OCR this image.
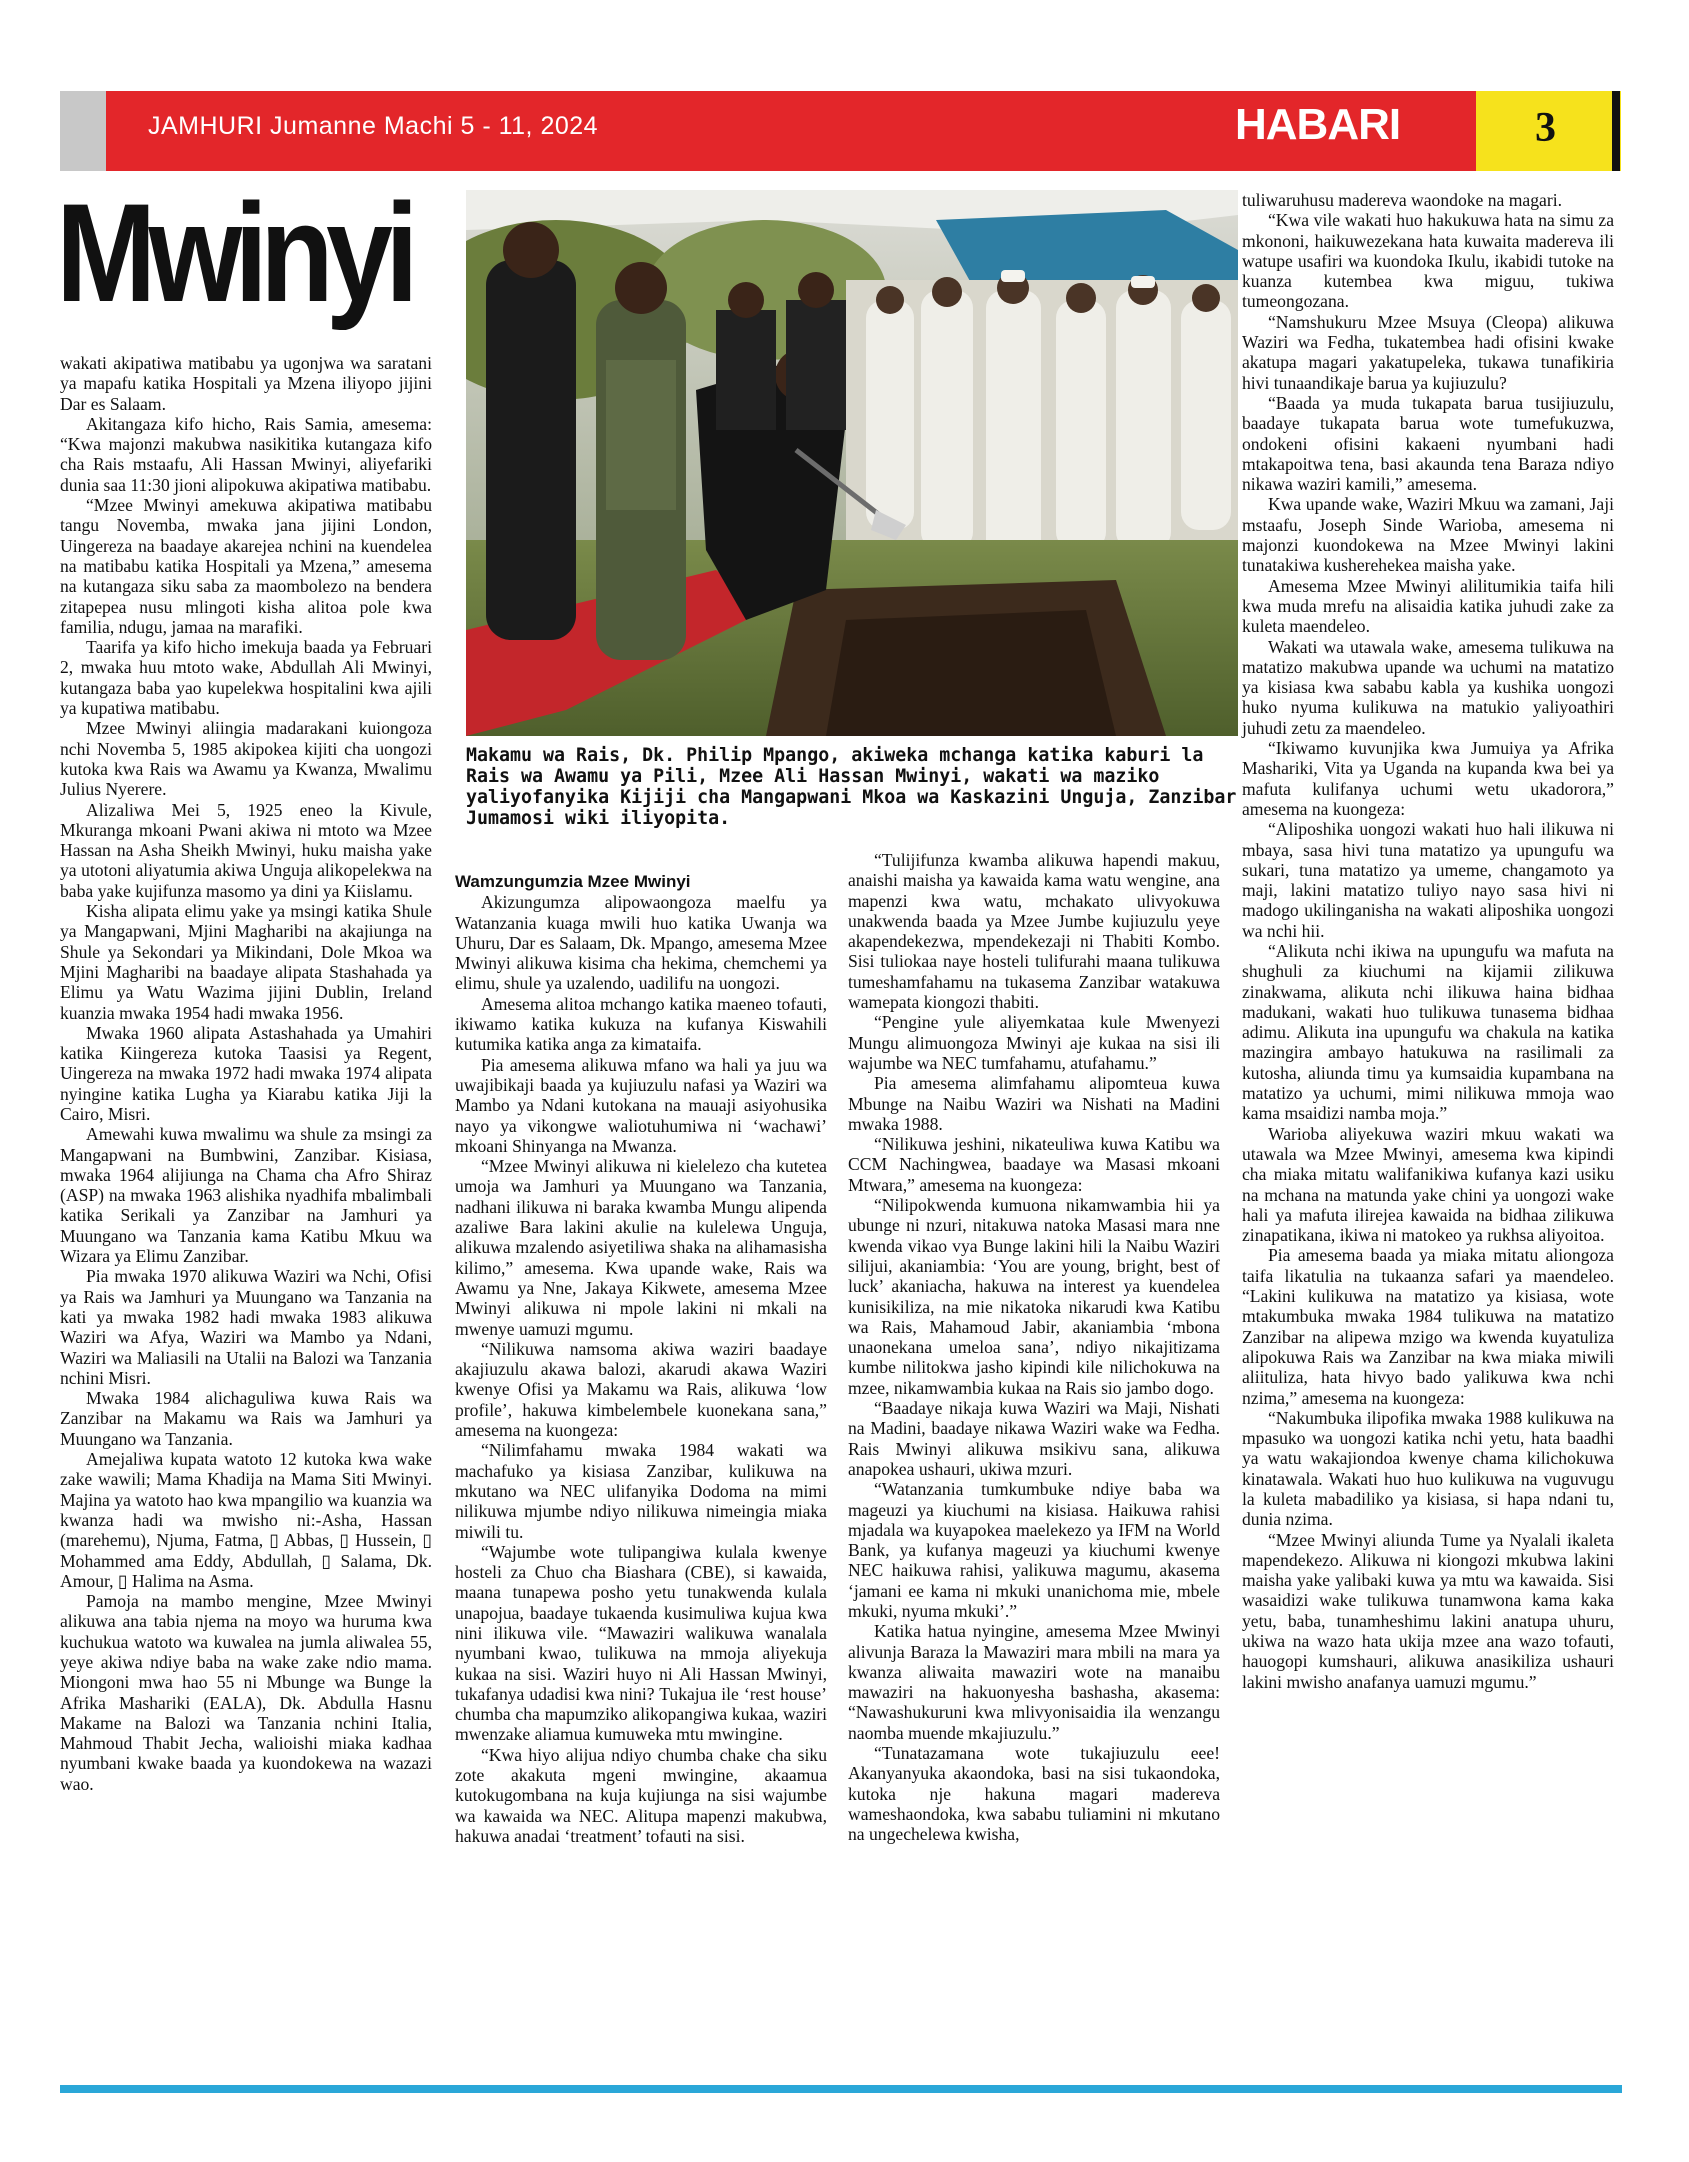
JAMHURI Jumanne Machi 5 - 11, 2024	HABARI	3
Mwinyi
Makamu wa Rais, Dk. Philip Mpango, akiweka mchanga katika kaburi la Rais wa Awamu ya Pili, Mzee Ali Hassan Mwinyi, wakati wa maziko yaliyofanyika Kijiji cha Mangapwani Mkoa wa Kaskazini Unguja, Zanzibar Jumamosi wiki iliyopita.

wakati akipatiwa matibabu ya ugonjwa wa saratani ya mapafu katika Hospitali ya Mzena iliyopo jijini Dar es Salaam.

Akitangaza kifo hicho, Rais Samia, amesema: “Kwa majonzi makubwa nasikitika kutangaza kifo cha Rais mstaafu, Ali Hassan Mwinyi, aliyefariki dunia saa 11:30 jioni alipokuwa akipatiwa matibabu.

“Mzee Mwinyi amekuwa akipatiwa matibabu tangu Novemba, mwaka jana jijini London, Uingereza na baadaye akarejea nchini na kuendelea na matibabu katika Hospitali ya Mzena,” amesema na kutangaza siku saba za maombolezo na bendera zitapepea nusu mlingoti kisha alitoa pole kwa familia, ndugu, jamaa na marafiki.

Taarifa ya kifo hicho imekuja baada ya Februari 2, mwaka huu mtoto wake, Abdullah Ali Mwinyi, kutangaza baba yao kupelekwa hospitalini kwa ajili ya kupatiwa matibabu.

Mzee Mwinyi aliingia madarakani kuiongoza nchi Novemba 5, 1985 akipokea kijiti cha uongozi kutoka kwa Rais wa Awamu ya Kwanza, Mwalimu Julius Nyerere.

Alizaliwa Mei 5, 1925 eneo la Kivule, Mkuranga mkoani Pwani akiwa ni mtoto wa Mzee Hassan na Asha Sheikh Mwinyi, huku maisha yake ya utotoni aliyatumia akiwa Unguja alikopelekwa na baba yake kujifunza masomo ya dini ya Kiislamu.

Kisha alipata elimu yake ya msingi katika Shule ya Mangapwani, Mjini Magharibi na akajiunga na Shule ya Sekondari ya Mikindani, Dole Mkoa wa Mjini Magharibi na baadaye alipata Stashahada ya Elimu ya Watu Wazima jijini Dublin, Ireland kuanzia mwaka 1954 hadi mwaka 1956.

Mwaka 1960 alipata Astashahada ya Umahiri katika Kiingereza kutoka Taasisi ya Regent, Uingereza na mwaka 1972 hadi mwaka 1974 alipata nyingine katika Lugha ya Kiarabu katika Jiji la Cairo, Misri.

Amewahi kuwa mwalimu wa shule za msingi za Mangapwani na Bumbwini, Zanzibar. Kisiasa, mwaka 1964 alijiunga na Chama cha Afro Shiraz (ASP) na mwaka 1963 alishika nyadhifa mbalimbali katika Serikali ya Zanzibar na Jamhuri ya Muungano wa Tanzania kama Katibu Mkuu wa Wizara ya Elimu Zanzibar.

Pia mwaka 1970 alikuwa Waziri wa Nchi, Ofisi ya Rais wa Jamhuri ya Muungano wa Tanzania na kati ya mwaka 1982 hadi mwaka 1983 alikuwa Waziri wa Afya, Waziri wa Mambo ya Ndani, Waziri wa Maliasili na Utalii na Balozi wa Tanzania nchini Misri.

Mwaka 1984 alichaguliwa kuwa Rais wa Zanzibar na Makamu wa Rais wa Jamhuri ya Muungano wa Tanzania.

Amejaliwa kupata watoto 12 kutoka kwa wake zake wawili; Mama Khadija na Mama Siti Mwinyi. Majina ya watoto hao kwa mpangilio wa kuanzia wa kwanza hadi wa mwisho ni:-Asha, Hassan (marehemu), Njuma, Fatma, ▯ Abbas, ▯ Hussein, ▯ Mohammed ama Eddy, Abdullah, ▯ Salama, Dk. Amour, ▯ Halima na Asma.

Pamoja na mambo mengine, Mzee Mwinyi alikuwa ana tabia njema na moyo wa huruma kwa kuchukua watoto wa kuwalea na jumla aliwalea 55, yeye akiwa ndiye baba na wake zake ndio mama. Miongoni mwa hao 55 ni Mbunge wa Bunge la Afrika Mashariki (EALA), Dk. Abdulla Hasnu Makame na Balozi wa Tanzania nchini Italia, Mahmoud Thabit Jecha, walioishi miaka kadhaa nyumbani kwake baada ya kuondokewa na wazazi wao.

Wamzungumzia Mzee Mwinyi

Akizungumza alipowaongoza maelfu ya Watanzania kuaga mwili huo katika Uwanja wa Uhuru, Dar es Salaam, Dk. Mpango, amesema Mzee Mwinyi alikuwa kisima cha hekima, chemchemi ya elimu, shule ya uzalendo, uadilifu na uongozi.

Amesema alitoa mchango katika maeneo tofauti, ikiwamo katika kukuza na kufanya Kiswahili kutumika katika anga za kimataifa.

Pia amesema alikuwa mfano wa hali ya juu wa uwajibikaji baada ya kujiuzulu nafasi ya Waziri wa Mambo ya Ndani kutokana na mauaji asiyohusika nayo ya vikongwe waliotuhumiwa ni ‘wachawi’ mkoani Shinyanga na Mwanza.

“Mzee Mwinyi alikuwa ni kielelezo cha kutetea umoja wa Jamhuri ya Muungano wa Tanzania, nadhani ilikuwa ni baraka kwamba Mungu alipenda azaliwe Bara lakini akulie na kulelewa Unguja, alikuwa mzalendo asiyetiliwa shaka na alihamasisha kilimo,” amesema. Kwa upande wake, Rais wa Awamu ya Nne, Jakaya Kikwete, amesema Mzee Mwinyi alikuwa ni mpole lakini ni mkali na mwenye uamuzi mgumu.

“Nilikuwa namsoma akiwa waziri baadaye akajiuzulu akawa balozi, akarudi akawa Waziri kwenye Ofisi ya Makamu wa Rais, alikuwa ‘low profile’, hakuwa kimbelembele kuonekana sana,” amesema na kuongeza:

“Nilimfahamu mwaka 1984 wakati wa machafuko ya kisiasa Zanzibar, kulikuwa na mkutano wa NEC ulifanyika Dodoma na mimi nilikuwa mjumbe ndiyo nilikuwa nimeingia miaka miwili tu.

“Wajumbe wote tulipangiwa kulala kwenye hosteli za Chuo cha Biashara (CBE), si kawaida, maana tunapewa posho yetu tunakwenda kulala unapojua, baadaye tukaenda kusimuliwa kujua kwa nini ilikuwa vile. “Mawaziri walikuwa wanalala nyumbani kwao, tulikuwa na mmoja aliyekuja kukaa na sisi. Waziri huyo ni Ali Hassan Mwinyi, tukafanya udadisi kwa nini? Tukajua ile ‘rest house’ chumba cha mapumziko alikopangiwa kukaa, waziri mwenzake aliamua kumuweka mtu mwingine.

“Kwa hiyo alijua ndiyo chumba chake cha siku zote akakuta mgeni mwingine, akaamua kutokugombana na kuja kujiunga na sisi wajumbe wa kawaida wa NEC. Alitupa mapenzi makubwa, hakuwa anadai ‘treatment’ tofauti na sisi.

“Tulijifunza kwamba alikuwa hapendi makuu, anaishi maisha ya kawaida kama watu wengine, ana mapenzi kwa watu, mchakato ulivyokuwa unakwenda baada ya Mzee Jumbe kujiuzulu yeye akapendekezwa, mpendekezaji ni Thabiti Kombo. Sisi tuliokaa naye hosteli tulifurahi maana tulikuwa tumeshamfahamu na tukasema Zanzibar watakuwa wamepata kiongozi thabiti.

“Pengine yule aliyemkataa kule Mwenyezi Mungu alimuongoza Mwinyi aje kukaa na sisi ili wajumbe wa NEC tumfahamu, atufahamu.”

Pia amesema alimfahamu alipomteua kuwa Mbunge na Naibu Waziri wa Nishati na Madini mwaka 1988.

“Nilikuwa jeshini, nikateuliwa kuwa Katibu wa CCM Nachingwea, baadaye wa Masasi mkoani Mtwara,” amesema na kuongeza:

“Nilipokwenda kumuona nikamwambia hii ya ubunge ni nzuri, nitakuwa natoka Masasi mara nne kwenda vikao vya Bunge lakini hili la Naibu Waziri silijui, akaniambia: ‘You are young, bright, best of luck’ akaniacha, hakuwa na interest ya kuendelea kunisikiliza, na mie nikatoka nikarudi kwa Katibu wa Rais, Mahamoud Jabir, akaniambia ‘mbona unaonekana umeloa sana’, ndiyo nikajitizama kumbe nilitokwa jasho kipindi kile nilichokuwa na mzee, nikamwambia kukaa na Rais sio jambo dogo.

“Baadaye nikaja kuwa Waziri wa Maji, Nishati na Madini, baadaye nikawa Waziri wake wa Fedha. Rais Mwinyi alikuwa msikivu sana, alikuwa anapokea ushauri, ukiwa mzuri.

“Watanzania tumkumbuke ndiye baba wa mageuzi ya kiuchumi na kisiasa. Haikuwa rahisi mjadala wa kuyapokea maelekezo ya IFM na World Bank, ya kufanya mageuzi ya kiuchumi kwenye NEC haikuwa rahisi, yalikuwa magumu, akasema ‘jamani ee kama ni mkuki unanichoma mie, mbele mkuki, nyuma mkuki’.”

Katika hatua nyingine, amesema Mzee Mwinyi alivunja Baraza la Mawaziri mara mbili na mara ya kwanza aliwaita mawaziri wote na manaibu mawaziri na hakuonyesha bashasha, akasema: “Nawashukuruni kwa mlivyonisaidia ila wenzangu naomba muende mkajiuzulu.”

“Tunatazamana wote tukajiuzulu eee! Akanyanyuka akaondoka, basi na sisi tukaondoka, kutoka nje hakuna magari madereva wameshaondoka, kwa sababu tuliamini ni mkutano na ungechelewa kwisha,

tuliwaruhusu madereva waondoke na magari.

“Kwa vile wakati huo hakukuwa hata na simu za mkononi, haikuwezekana hata kuwaita madereva ili watupe usafiri wa kuondoka Ikulu, ikabidi tutoke na kuanza kutembea kwa miguu, tukiwa tumeongozana.

“Namshukuru Mzee Msuya (Cleopa) alikuwa Waziri wa Fedha, tukatembea hadi ofisini kwake akatupa magari yakatupeleka, tukawa tunafikiria hivi tunaandikaje barua ya kujiuzulu?

“Baada ya muda tukapata barua tusijiuzulu, baadaye tukapata barua wote tumefukuzwa, ondokeni ofisini kakaeni nyumbani hadi mtakapoitwa tena, basi akaunda tena Baraza ndiyo nikawa waziri kamili,” amesema.

Kwa upande wake, Waziri Mkuu wa zamani, Jaji mstaafu, Joseph Sinde Warioba, amesema ni majonzi kuondokewa na Mzee Mwinyi lakini tunatakiwa kusherehekea maisha yake.

Amesema Mzee Mwinyi alilitumikia taifa hili kwa muda mrefu na alisaidia katika juhudi zake za kuleta maendeleo.

Wakati wa utawala wake, amesema tulikuwa na matatizo makubwa upande wa uchumi na matatizo ya kisiasa kwa sababu kabla ya kushika uongozi huko nyuma kulikuwa na matukio yaliyoathiri juhudi zetu za maendeleo.

“Ikiwamo kuvunjika kwa Jumuiya ya Afrika Mashariki, Vita ya Uganda na kupanda kwa bei ya mafuta kulifanya uchumi wetu ukadorora,” amesema na kuongeza:

“Aliposhika uongozi wakati huo hali ilikuwa ni mbaya, sasa hivi tuna matatizo ya upungufu wa sukari, tuna matatizo ya umeme, changamoto ya maji, lakini matatizo tuliyo nayo sasa hivi ni madogo ukilinganisha na wakati aliposhika uongozi wa nchi hii.

“Alikuta nchi ikiwa na upungufu wa mafuta na shughuli za kiuchumi na kijamii zilikuwa zinakwama, alikuta nchi ilikuwa haina bidhaa madukani, wakati huo tulikuwa tunasema bidhaa adimu. Alikuta ina upungufu wa chakula na katika mazingira ambayo hatukuwa na rasilimali za kutosha, aliunda timu ya kumsaidia kupambana na matatizo ya uchumi, mimi nilikuwa mmoja wao kama msaidizi namba moja.”

Warioba aliyekuwa waziri mkuu wakati wa utawala wa Mzee Mwinyi, amesema kwa kipindi cha miaka mitatu walifanikiwa kufanya kazi usiku na mchana na matunda yake chini ya uongozi wake hali ya mafuta ilirejea kawaida na bidhaa zilikuwa zinapatikana, ikiwa ni matokeo ya rukhsa aliyoitoa.

Pia amesema baada ya miaka mitatu aliongoza taifa likatulia na tukaanza safari ya maendeleo. “Lakini kulikuwa na matatizo ya kisiasa, wote mtakumbuka mwaka 1984 tulikuwa na matatizo Zanzibar na alipewa mzigo wa kwenda kuyatuliza alipokuwa Rais wa Zanzibar na kwa miaka miwili aliituliza, hata hivyo bado yalikuwa kwa nchi nzima,” amesema na kuongeza:

“Nakumbuka ilipofika mwaka 1988 kulikuwa na mpasuko wa uongozi katika nchi yetu, hata baadhi ya watu wakajiondoa kwenye chama kilichokuwa kinatawala. Wakati huo huo kulikuwa na vuguvugu la kuleta mabadiliko ya kisiasa, si hapa ndani tu, dunia nzima.

“Mzee Mwinyi aliunda Tume ya Nyalali ikaleta mapendekezo. Alikuwa ni kiongozi mkubwa lakini maisha yake yalibaki kuwa ya mtu wa kawaida. Sisi wasaidizi wake tulikuwa tunamwona kama kaka yetu, baba, tunamheshimu lakini anatupa uhuru, ukiwa na wazo hata ukija mzee ana wazo tofauti, hauogopi kumshauri, alikuwa anasikiliza ushauri lakini mwisho anafanya uamuzi mgumu.”
